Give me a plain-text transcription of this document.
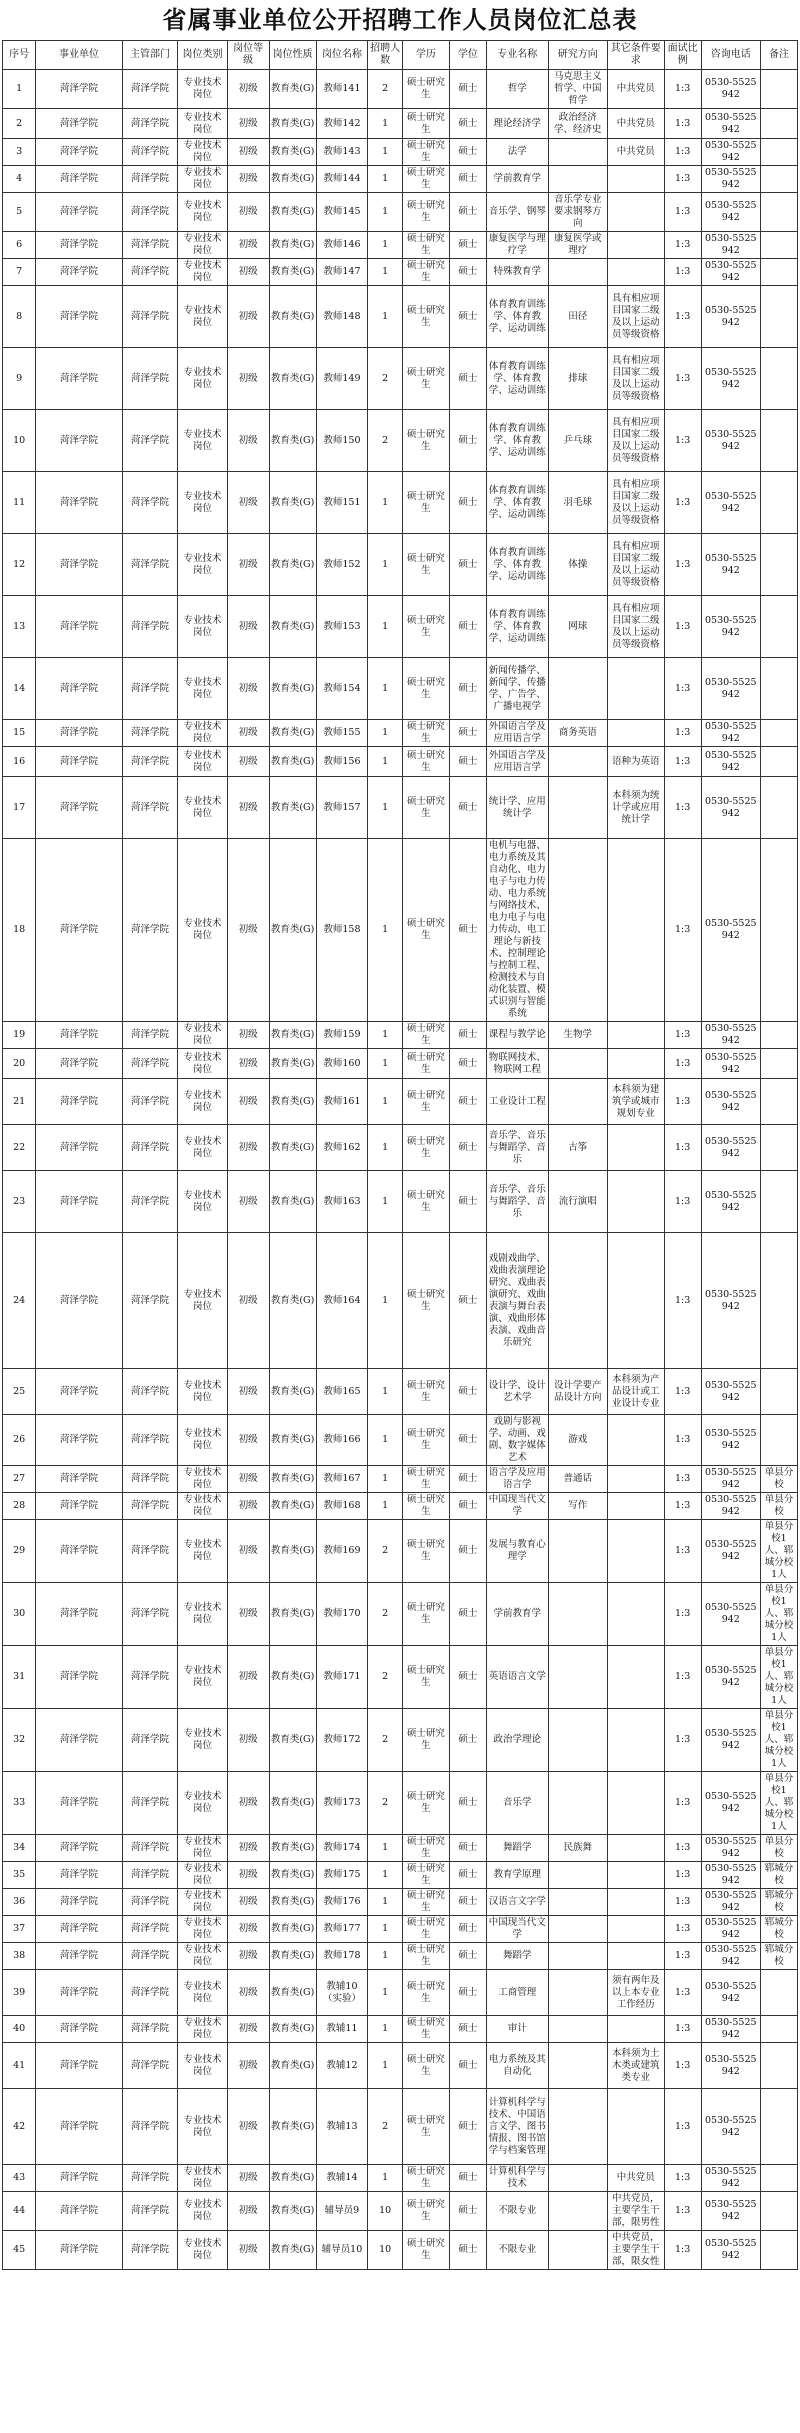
省属事业单位公开招聘工作人员岗位汇总表
序号	事业单位	主管部门	岗位类别	岗位等级	岗位性质	岗位名称	招聘人数	学历	学位	专业名称	研究方向	其它条件要求	面试比例	咨询电话	备注
1	菏泽学院	菏泽学院	专业技术岗位	初级	教育类(G)	教师141	2	硕士研究生	硕士	哲学	马克思主义哲学、中国哲学	中共党员	1:3	0530-5525942	
2	菏泽学院	菏泽学院	专业技术岗位	初级	教育类(G)	教师142	1	硕士研究生	硕士	理论经济学	政治经济学、经济史	中共党员	1:3	0530-5525942	
3	菏泽学院	菏泽学院	专业技术岗位	初级	教育类(G)	教师143	1	硕士研究生	硕士	法学		中共党员	1:3	0530-5525942	
4	菏泽学院	菏泽学院	专业技术岗位	初级	教育类(G)	教师144	1	硕士研究生	硕士	学前教育学			1:3	0530-5525942	
5	菏泽学院	菏泽学院	专业技术岗位	初级	教育类(G)	教师145	1	硕士研究生	硕士	音乐学、钢琴	音乐学专业要求钢琴方向		1:3	0530-5525942	
6	菏泽学院	菏泽学院	专业技术岗位	初级	教育类(G)	教师146	1	硕士研究生	硕士	康复医学与理疗学	康复医学或理疗		1:3	0530-5525942	
7	菏泽学院	菏泽学院	专业技术岗位	初级	教育类(G)	教师147	1	硕士研究生	硕士	特殊教育学			1:3	0530-5525942	
8	菏泽学院	菏泽学院	专业技术岗位	初级	教育类(G)	教师148	1	硕士研究生	硕士	体育教育训练学、体育教学、运动训练	田径	具有相应项目国家二级及以上运动员等级资格	1:3	0530-5525942	
9	菏泽学院	菏泽学院	专业技术岗位	初级	教育类(G)	教师149	2	硕士研究生	硕士	体育教育训练学、体育教学、运动训练	排球	具有相应项目国家二级及以上运动员等级资格	1:3	0530-5525942	
10	菏泽学院	菏泽学院	专业技术岗位	初级	教育类(G)	教师150	2	硕士研究生	硕士	体育教育训练学、体育教学、运动训练	乒乓球	具有相应项目国家二级及以上运动员等级资格	1:3	0530-5525942	
11	菏泽学院	菏泽学院	专业技术岗位	初级	教育类(G)	教师151	1	硕士研究生	硕士	体育教育训练学、体育教学、运动训练	羽毛球	具有相应项目国家二级及以上运动员等级资格	1:3	0530-5525942	
12	菏泽学院	菏泽学院	专业技术岗位	初级	教育类(G)	教师152	1	硕士研究生	硕士	体育教育训练学、体育教学、运动训练	体操	具有相应项目国家二级及以上运动员等级资格	1:3	0530-5525942	
13	菏泽学院	菏泽学院	专业技术岗位	初级	教育类(G)	教师153	1	硕士研究生	硕士	体育教育训练学、体育教学、运动训练	网球	具有相应项目国家二级及以上运动员等级资格	1:3	0530-5525942	
14	菏泽学院	菏泽学院	专业技术岗位	初级	教育类(G)	教师154	1	硕士研究生	硕士	新闻传播学、新闻学、传播学、广告学、广播电视学			1:3	0530-5525942	
15	菏泽学院	菏泽学院	专业技术岗位	初级	教育类(G)	教师155	1	硕士研究生	硕士	外国语言学及应用语言学	商务英语		1:3	0530-5525942	
16	菏泽学院	菏泽学院	专业技术岗位	初级	教育类(G)	教师156	1	硕士研究生	硕士	外国语言学及应用语言学		语种为英语	1:3	0530-5525942	
17	菏泽学院	菏泽学院	专业技术岗位	初级	教育类(G)	教师157	1	硕士研究生	硕士	统计学、应用统计学		本科须为统计学或应用统计学	1:3	0530-5525942	
18	菏泽学院	菏泽学院	专业技术岗位	初级	教育类(G)	教师158	1	硕士研究生	硕士	电机与电器、电力系统及其自动化、电力电子与电力传动、电力系统与网络技术、电力电子与电力传动、电工理论与新技术、控制理论与控制工程、检测技术与自动化装置、模式识别与智能系统			1:3	0530-5525942	
19	菏泽学院	菏泽学院	专业技术岗位	初级	教育类(G)	教师159	1	硕士研究生	硕士	课程与教学论	生物学		1:3	0530-5525942	
20	菏泽学院	菏泽学院	专业技术岗位	初级	教育类(G)	教师160	1	硕士研究生	硕士	物联网技术、物联网工程			1:3	0530-5525942	
21	菏泽学院	菏泽学院	专业技术岗位	初级	教育类(G)	教师161	1	硕士研究生	硕士	工业设计工程		本科须为建筑学或城市规划专业	1:3	0530-5525942	
22	菏泽学院	菏泽学院	专业技术岗位	初级	教育类(G)	教师162	1	硕士研究生	硕士	音乐学、音乐与舞蹈学、音乐	古筝		1:3	0530-5525942	
23	菏泽学院	菏泽学院	专业技术岗位	初级	教育类(G)	教师163	1	硕士研究生	硕士	音乐学、音乐与舞蹈学、音乐	流行演唱		1:3	0530-5525942	
24	菏泽学院	菏泽学院	专业技术岗位	初级	教育类(G)	教师164	1	硕士研究生	硕士	戏剧戏曲学、戏曲表演理论研究、戏曲表演研究、戏曲表演与舞台表演、戏曲形体表演、戏曲音乐研究			1:3	0530-5525942	
25	菏泽学院	菏泽学院	专业技术岗位	初级	教育类(G)	教师165	1	硕士研究生	硕士	设计学、设计艺术学	设计学要产品设计方向	本科须为产品设计或工业设计专业	1:3	0530-5525942	
26	菏泽学院	菏泽学院	专业技术岗位	初级	教育类(G)	教师166	1	硕士研究生	硕士	戏剧与影视学、动画、戏剧、数字媒体艺术	游戏		1:3	0530-5525942	
27	菏泽学院	菏泽学院	专业技术岗位	初级	教育类(G)	教师167	1	硕士研究生	硕士	语言学及应用语言学	普通话		1:3	0530-5525942	单县分校
28	菏泽学院	菏泽学院	专业技术岗位	初级	教育类(G)	教师168	1	硕士研究生	硕士	中国现当代文学	写作		1:3	0530-5525942	单县分校
29	菏泽学院	菏泽学院	专业技术岗位	初级	教育类(G)	教师169	2	硕士研究生	硕士	发展与教育心理学			1:3	0530-5525942	单县分校1人、郓城分校1人
30	菏泽学院	菏泽学院	专业技术岗位	初级	教育类(G)	教师170	2	硕士研究生	硕士	学前教育学			1:3	0530-5525942	单县分校1人、郓城分校1人
31	菏泽学院	菏泽学院	专业技术岗位	初级	教育类(G)	教师171	2	硕士研究生	硕士	英语语言文学			1:3	0530-5525942	单县分校1人、郓城分校1人
32	菏泽学院	菏泽学院	专业技术岗位	初级	教育类(G)	教师172	2	硕士研究生	硕士	政治学理论			1:3	0530-5525942	单县分校1人、郓城分校1人
33	菏泽学院	菏泽学院	专业技术岗位	初级	教育类(G)	教师173	2	硕士研究生	硕士	音乐学			1:3	0530-5525942	单县分校1人、郓城分校1人
34	菏泽学院	菏泽学院	专业技术岗位	初级	教育类(G)	教师174	1	硕士研究生	硕士	舞蹈学	民族舞		1:3	0530-5525942	单县分校
35	菏泽学院	菏泽学院	专业技术岗位	初级	教育类(G)	教师175	1	硕士研究生	硕士	教育学原理			1:3	0530-5525942	郓城分校
36	菏泽学院	菏泽学院	专业技术岗位	初级	教育类(G)	教师176	1	硕士研究生	硕士	汉语言文字学			1:3	0530-5525942	郓城分校
37	菏泽学院	菏泽学院	专业技术岗位	初级	教育类(G)	教师177	1	硕士研究生	硕士	中国现当代文学			1:3	0530-5525942	郓城分校
38	菏泽学院	菏泽学院	专业技术岗位	初级	教育类(G)	教师178	1	硕士研究生	硕士	舞蹈学			1:3	0530-5525942	郓城分校
39	菏泽学院	菏泽学院	专业技术岗位	初级	教育类(G)	教辅10（实验）	1	硕士研究生	硕士	工商管理		须有两年及以上本专业工作经历	1:3	0530-5525942	
40	菏泽学院	菏泽学院	专业技术岗位	初级	教育类(G)	教辅11	1	硕士研究生	硕士	审计			1:3	0530-5525942	
41	菏泽学院	菏泽学院	专业技术岗位	初级	教育类(G)	教辅12	1	硕士研究生	硕士	电力系统及其自动化		本科须为土木类或建筑类专业	1:3	0530-5525942	
42	菏泽学院	菏泽学院	专业技术岗位	初级	教育类(G)	教辅13	2	硕士研究生	硕士	计算机科学与技术、中国语言文学、图书情报、图书馆学与档案管理			1:3	0530-5525942	
43	菏泽学院	菏泽学院	专业技术岗位	初级	教育类(G)	教辅14	1	硕士研究生	硕士	计算机科学与技术		中共党员	1:3	0530-5525942	
44	菏泽学院	菏泽学院	专业技术岗位	初级	教育类(G)	辅导员9	10	硕士研究生	硕士	不限专业		中共党员，主要学生干部，限男性	1:3	0530-5525942	
45	菏泽学院	菏泽学院	专业技术岗位	初级	教育类(G)	辅导员10	10	硕士研究生	硕士	不限专业		中共党员，主要学生干部，限女性	1:3	0530-5525942	
